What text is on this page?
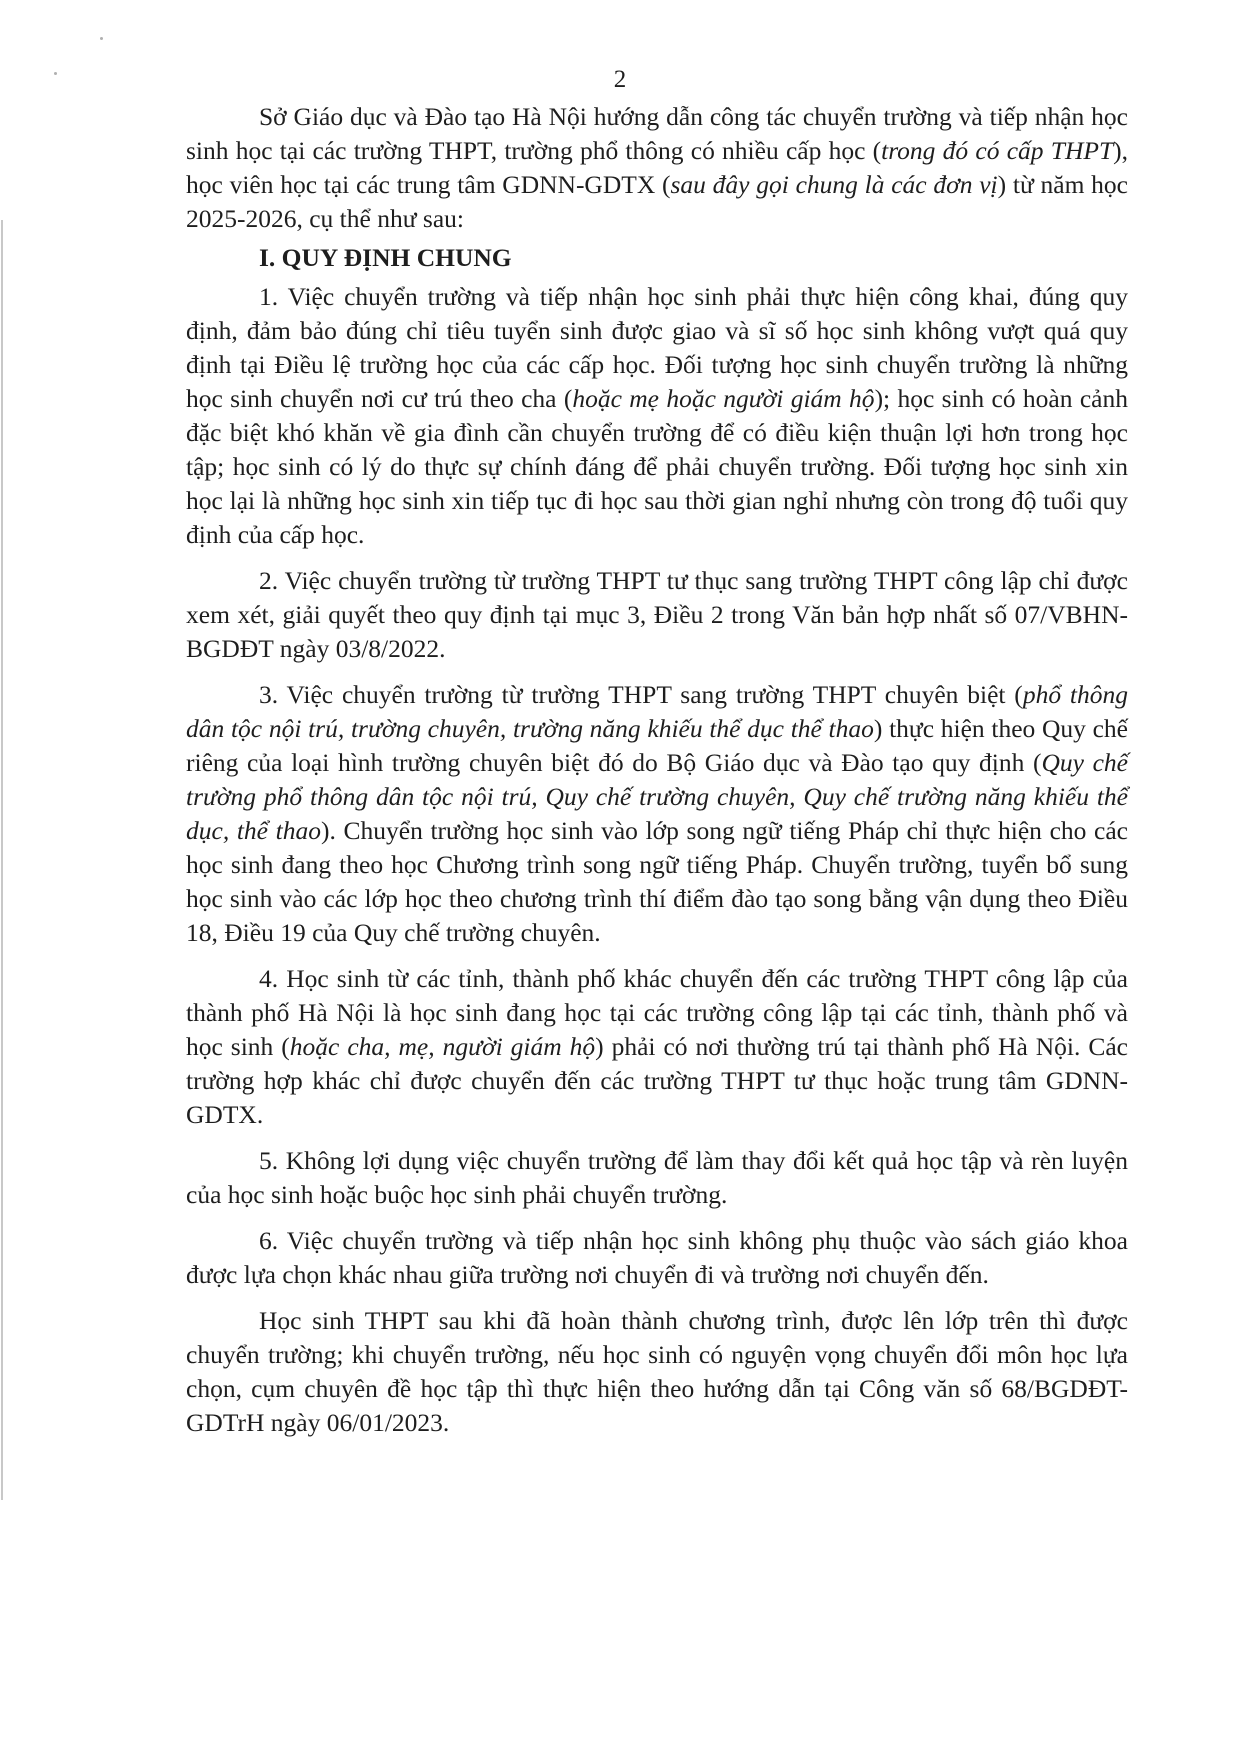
2

Sở Giáo dục và Đào tạo Hà Nội hướng dẫn công tác chuyển trường và tiếp nhận học sinh học tại các trường THPT, trường phổ thông có nhiều cấp học (trong đó có cấp THPT), học viên học tại các trung tâm GDNN-GDTX (sau đây gọi chung là các đơn vị) từ năm học 2025-2026, cụ thể như sau:

I. QUY ĐỊNH CHUNG

1. Việc chuyển trường và tiếp nhận học sinh phải thực hiện công khai, đúng quy định, đảm bảo đúng chỉ tiêu tuyển sinh được giao và sĩ số học sinh không vượt quá quy định tại Điều lệ trường học của các cấp học. Đối tượng học sinh chuyển trường là những học sinh chuyển nơi cư trú theo cha (hoặc mẹ hoặc người giám hộ); học sinh có hoàn cảnh đặc biệt khó khăn về gia đình cần chuyển trường để có điều kiện thuận lợi hơn trong học tập; học sinh có lý do thực sự chính đáng để phải chuyển trường. Đối tượng học sinh xin học lại là những học sinh xin tiếp tục đi học sau thời gian nghỉ nhưng còn trong độ tuổi quy định của cấp học.

2. Việc chuyển trường từ trường THPT tư thục sang trường THPT công lập chỉ được xem xét, giải quyết theo quy định tại mục 3, Điều 2 trong Văn bản hợp nhất số 07/VBHN-BGDĐT ngày 03/8/2022.

3. Việc chuyển trường từ trường THPT sang trường THPT chuyên biệt (phổ thông dân tộc nội trú, trường chuyên, trường năng khiếu thể dục thể thao) thực hiện theo Quy chế riêng của loại hình trường chuyên biệt đó do Bộ Giáo dục và Đào tạo quy định (Quy chế trường phổ thông dân tộc nội trú, Quy chế trường chuyên, Quy chế trường năng khiếu thể dục, thể thao). Chuyển trường học sinh vào lớp song ngữ tiếng Pháp chỉ thực hiện cho các học sinh đang theo học Chương trình song ngữ tiếng Pháp. Chuyển trường, tuyển bổ sung học sinh vào các lớp học theo chương trình thí điểm đào tạo song bằng vận dụng theo Điều 18, Điều 19 của Quy chế trường chuyên.

4. Học sinh từ các tỉnh, thành phố khác chuyển đến các trường THPT công lập của thành phố Hà Nội là học sinh đang học tại các trường công lập tại các tỉnh, thành phố và học sinh (hoặc cha, mẹ, người giám hộ) phải có nơi thường trú tại thành phố Hà Nội. Các trường hợp khác chỉ được chuyển đến các trường THPT tư thục hoặc trung tâm GDNN-GDTX.

5. Không lợi dụng việc chuyển trường để làm thay đổi kết quả học tập và rèn luyện của học sinh hoặc buộc học sinh phải chuyển trường.

6. Việc chuyển trường và tiếp nhận học sinh không phụ thuộc vào sách giáo khoa được lựa chọn khác nhau giữa trường nơi chuyển đi và trường nơi chuyển đến.

Học sinh THPT sau khi đã hoàn thành chương trình, được lên lớp trên thì được chuyển trường; khi chuyển trường, nếu học sinh có nguyện vọng chuyển đổi môn học lựa chọn, cụm chuyên đề học tập thì thực hiện theo hướng dẫn tại Công văn số 68/BGDĐT-GDTrH ngày 06/01/2023.
